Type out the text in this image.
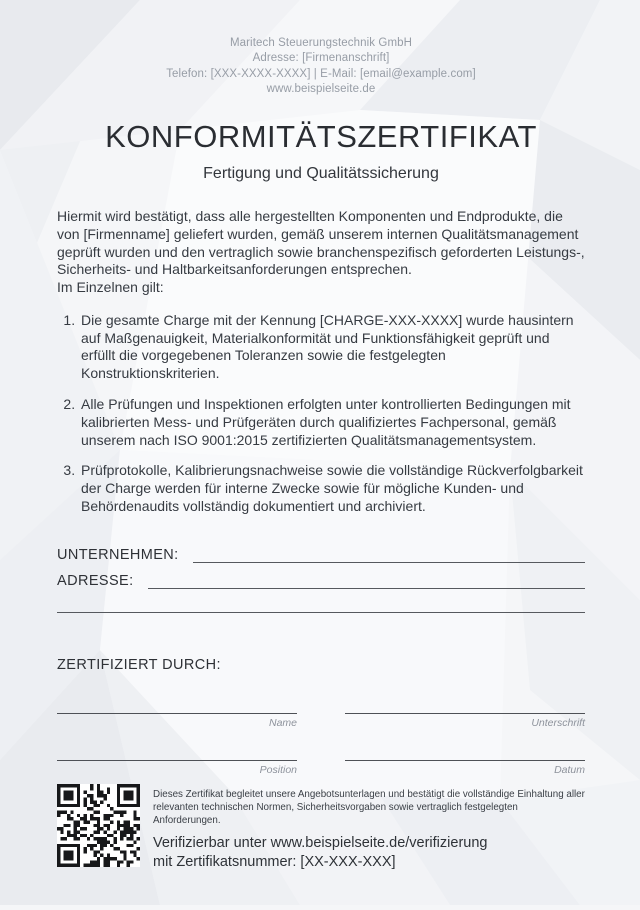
Maritech Steuerungstechnik GmbH
Adresse: [Firmenanschrift]
Telefon: [XXX-XXXX-XXXX] | E-Mail: [email@example.com]
www.beispielseite.de
KONFORMITÄTSZERTIFIKAT
Fertigung und Qualitätssicherung
Hiermit wird bestätigt, dass alle hergestellten Komponenten und Endprodukte, die von [Firmenname] geliefert wurden, gemäß unserem internen Qualitätsmanagement geprüft wurden und den vertraglich sowie branchenspezifisch geforderten Leistungs-, Sicherheits- und Haltbarkeitsanforderungen entsprechen.
Im Einzelnen gilt:
1. Die gesamte Charge mit der Kennung [CHARGE-XXX-XXXX] wurde hausintern auf Maßgenauigkeit, Materialkonformität und Funktionsfähigkeit geprüft und erfüllt die vorgegebenen Toleranzen sowie die festgelegten Konstruktionskriterien.
2. Alle Prüfungen und Inspektionen erfolgten unter kontrollierten Bedingungen mit kalibrierten Mess- und Prüfgeräten durch qualifiziertes Fachpersonal, gemäß unserem nach ISO 9001:2015 zertifizierten Qualitätsmanagementsystem.
3. Prüfprotokolle, Kalibrierungsnachweise sowie die vollständige Rückverfolgbarkeit der Charge werden für interne Zwecke sowie für mögliche Kunden- und Behördenaudits vollständig dokumentiert und archiviert.
UNTERNEHMEN:
ADRESSE:
ZERTIFIZIERT DURCH:
Name	Unterschrift
Position	Datum
Dieses Zertifikat begleitet unsere Angebotsunterlagen und bestätigt die vollständige Einhaltung aller relevanten technischen Normen, Sicherheitsvorgaben sowie vertraglich festgelegten Anforderungen.
Verifizierbar unter www.beispielseite.de/verifizierung
mit Zertifikatsnummer: [XX-XXX-XXX]
